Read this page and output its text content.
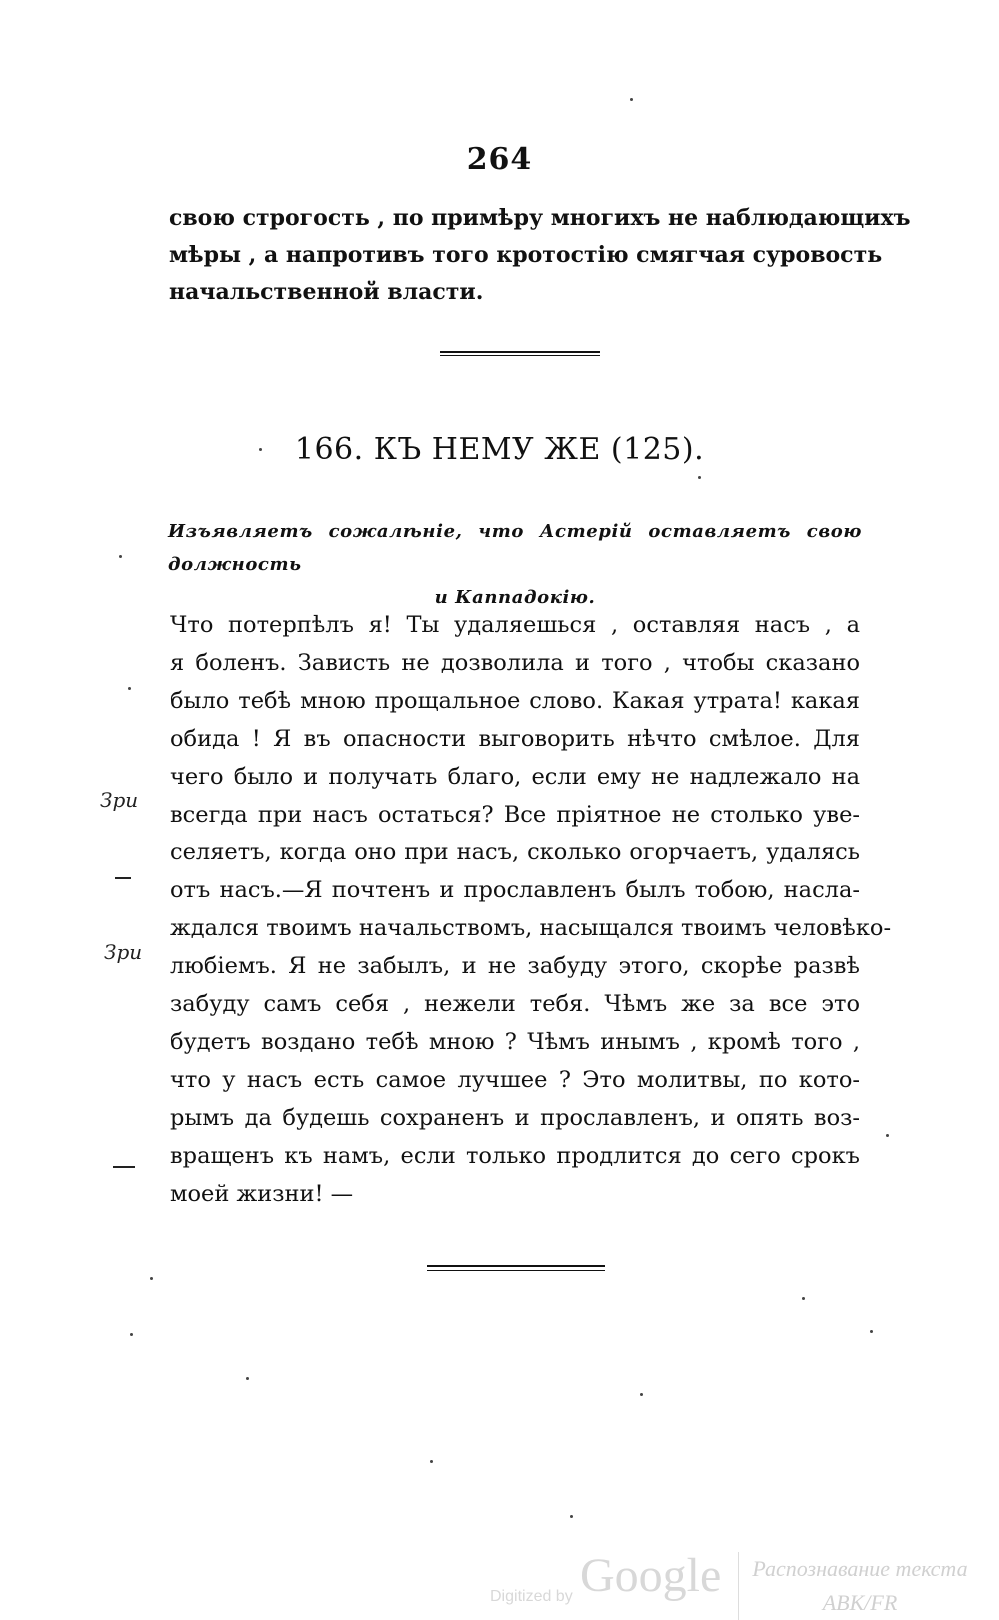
264
свою строгость , по примѣру многихъ не наблюдающихъ
мѣры , а напротивъ того кротостію смягчая суровость
начальственной власти.
166. КЪ НЕМУ ЖЕ (125).
Изъявляетъ сожалѣніе, что Астерій оставляетъ свою должность
и Каппадокію.
Что потерпѣлъ я! Ты удаляешься , оставляя насъ , а
я боленъ. Зависть не дозволила и того , чтобы сказано
было тебѣ мною прощальное слово. Какая утрата! какая
обида ! Я въ опасности выговорить нѣчто смѣлое. Для
чего было и получать благо, если ему не надлежало на
всегда при насъ остаться? Все пріятное не столько уве-
селяетъ, когда оно при насъ, сколько огорчаетъ, удалясь
отъ насъ.—Я почтенъ и прославленъ былъ тобою, насла-
ждался твоимъ начальствомъ, насыщался твоимъ человѣко-
любіемъ. Я не забылъ, и не забуду этого, скорѣе развѣ
забуду самъ себя , нежели тебя. Чѣмъ же за все это
будетъ воздано тебѣ мною ? Чѣмъ инымъ , кромѣ того ,
что у насъ есть самое лучшее ? Это молитвы, по кото-
рымъ да будешь сохраненъ и прославленъ, и опять воз-
вращенъ къ намъ, если только продлится до сего срокъ
моей жизни! —
Зри
Зри
Digitized by Google	Распознавание текста
ABK/FR
